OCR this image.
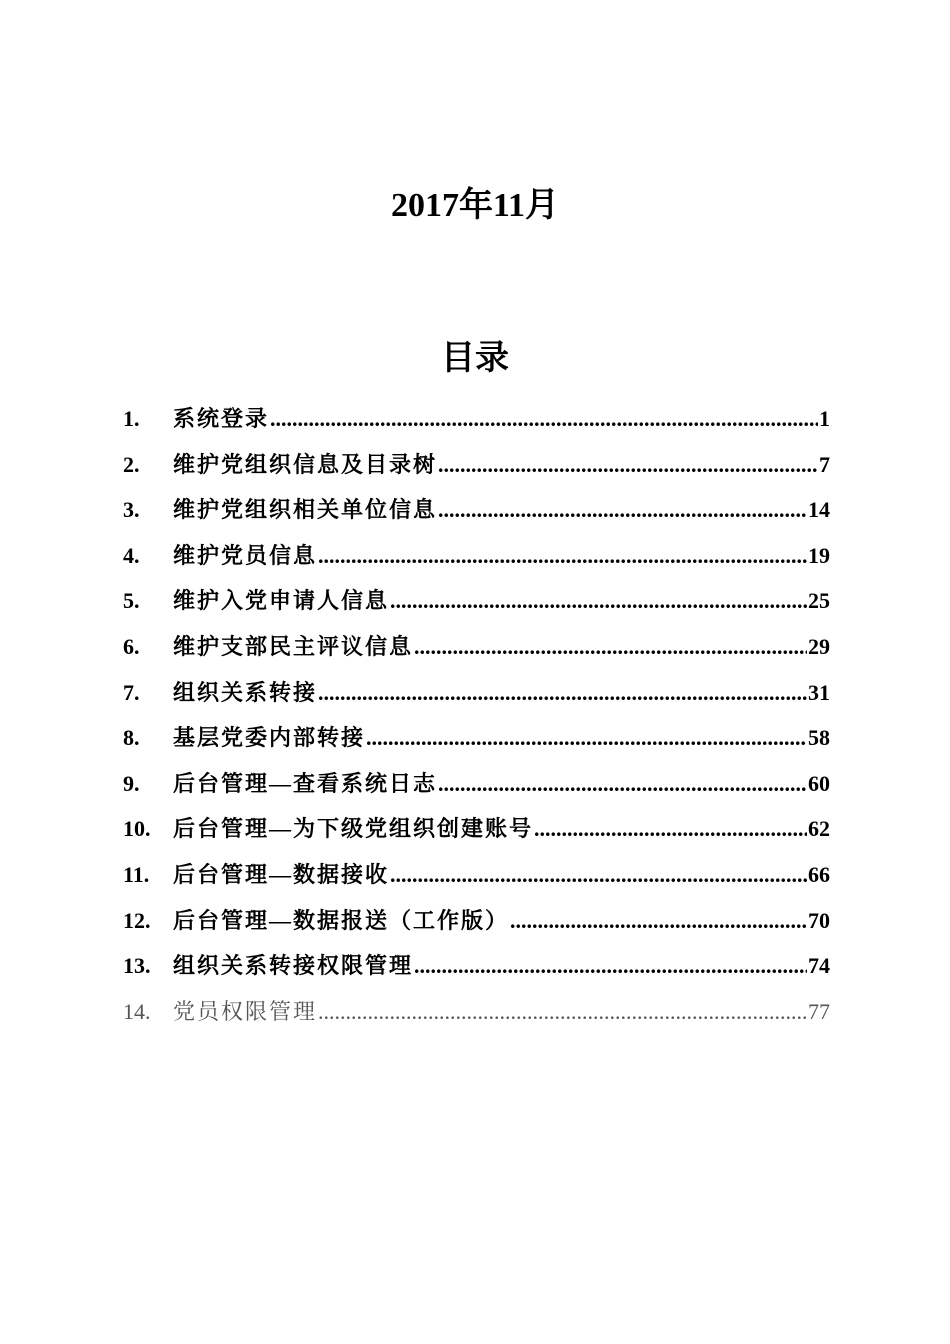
2017年11月
目录
1.	系统登录 .....	1
2.	维护党组织信息及目录树 .....	7
3.	维护党组织相关单位信息 .....	14
4.	维护党员信息 .....	19
5.	维护入党申请人信息 .....	25
6.	维护支部民主评议信息 .....	29
7.	组织关系转接 .....	31
8.	基层党委内部转接 .....	58
9.	后台管理—查看系统日志 .....	60
10.	后台管理—为下级党组织创建账号 .....	62
11.	后台管理—数据接收 .....	66
12.	后台管理—数据报送（工作版） .....	70
13.	组织关系转接权限管理 .....	74
14.	党员权限管理 .....	77
